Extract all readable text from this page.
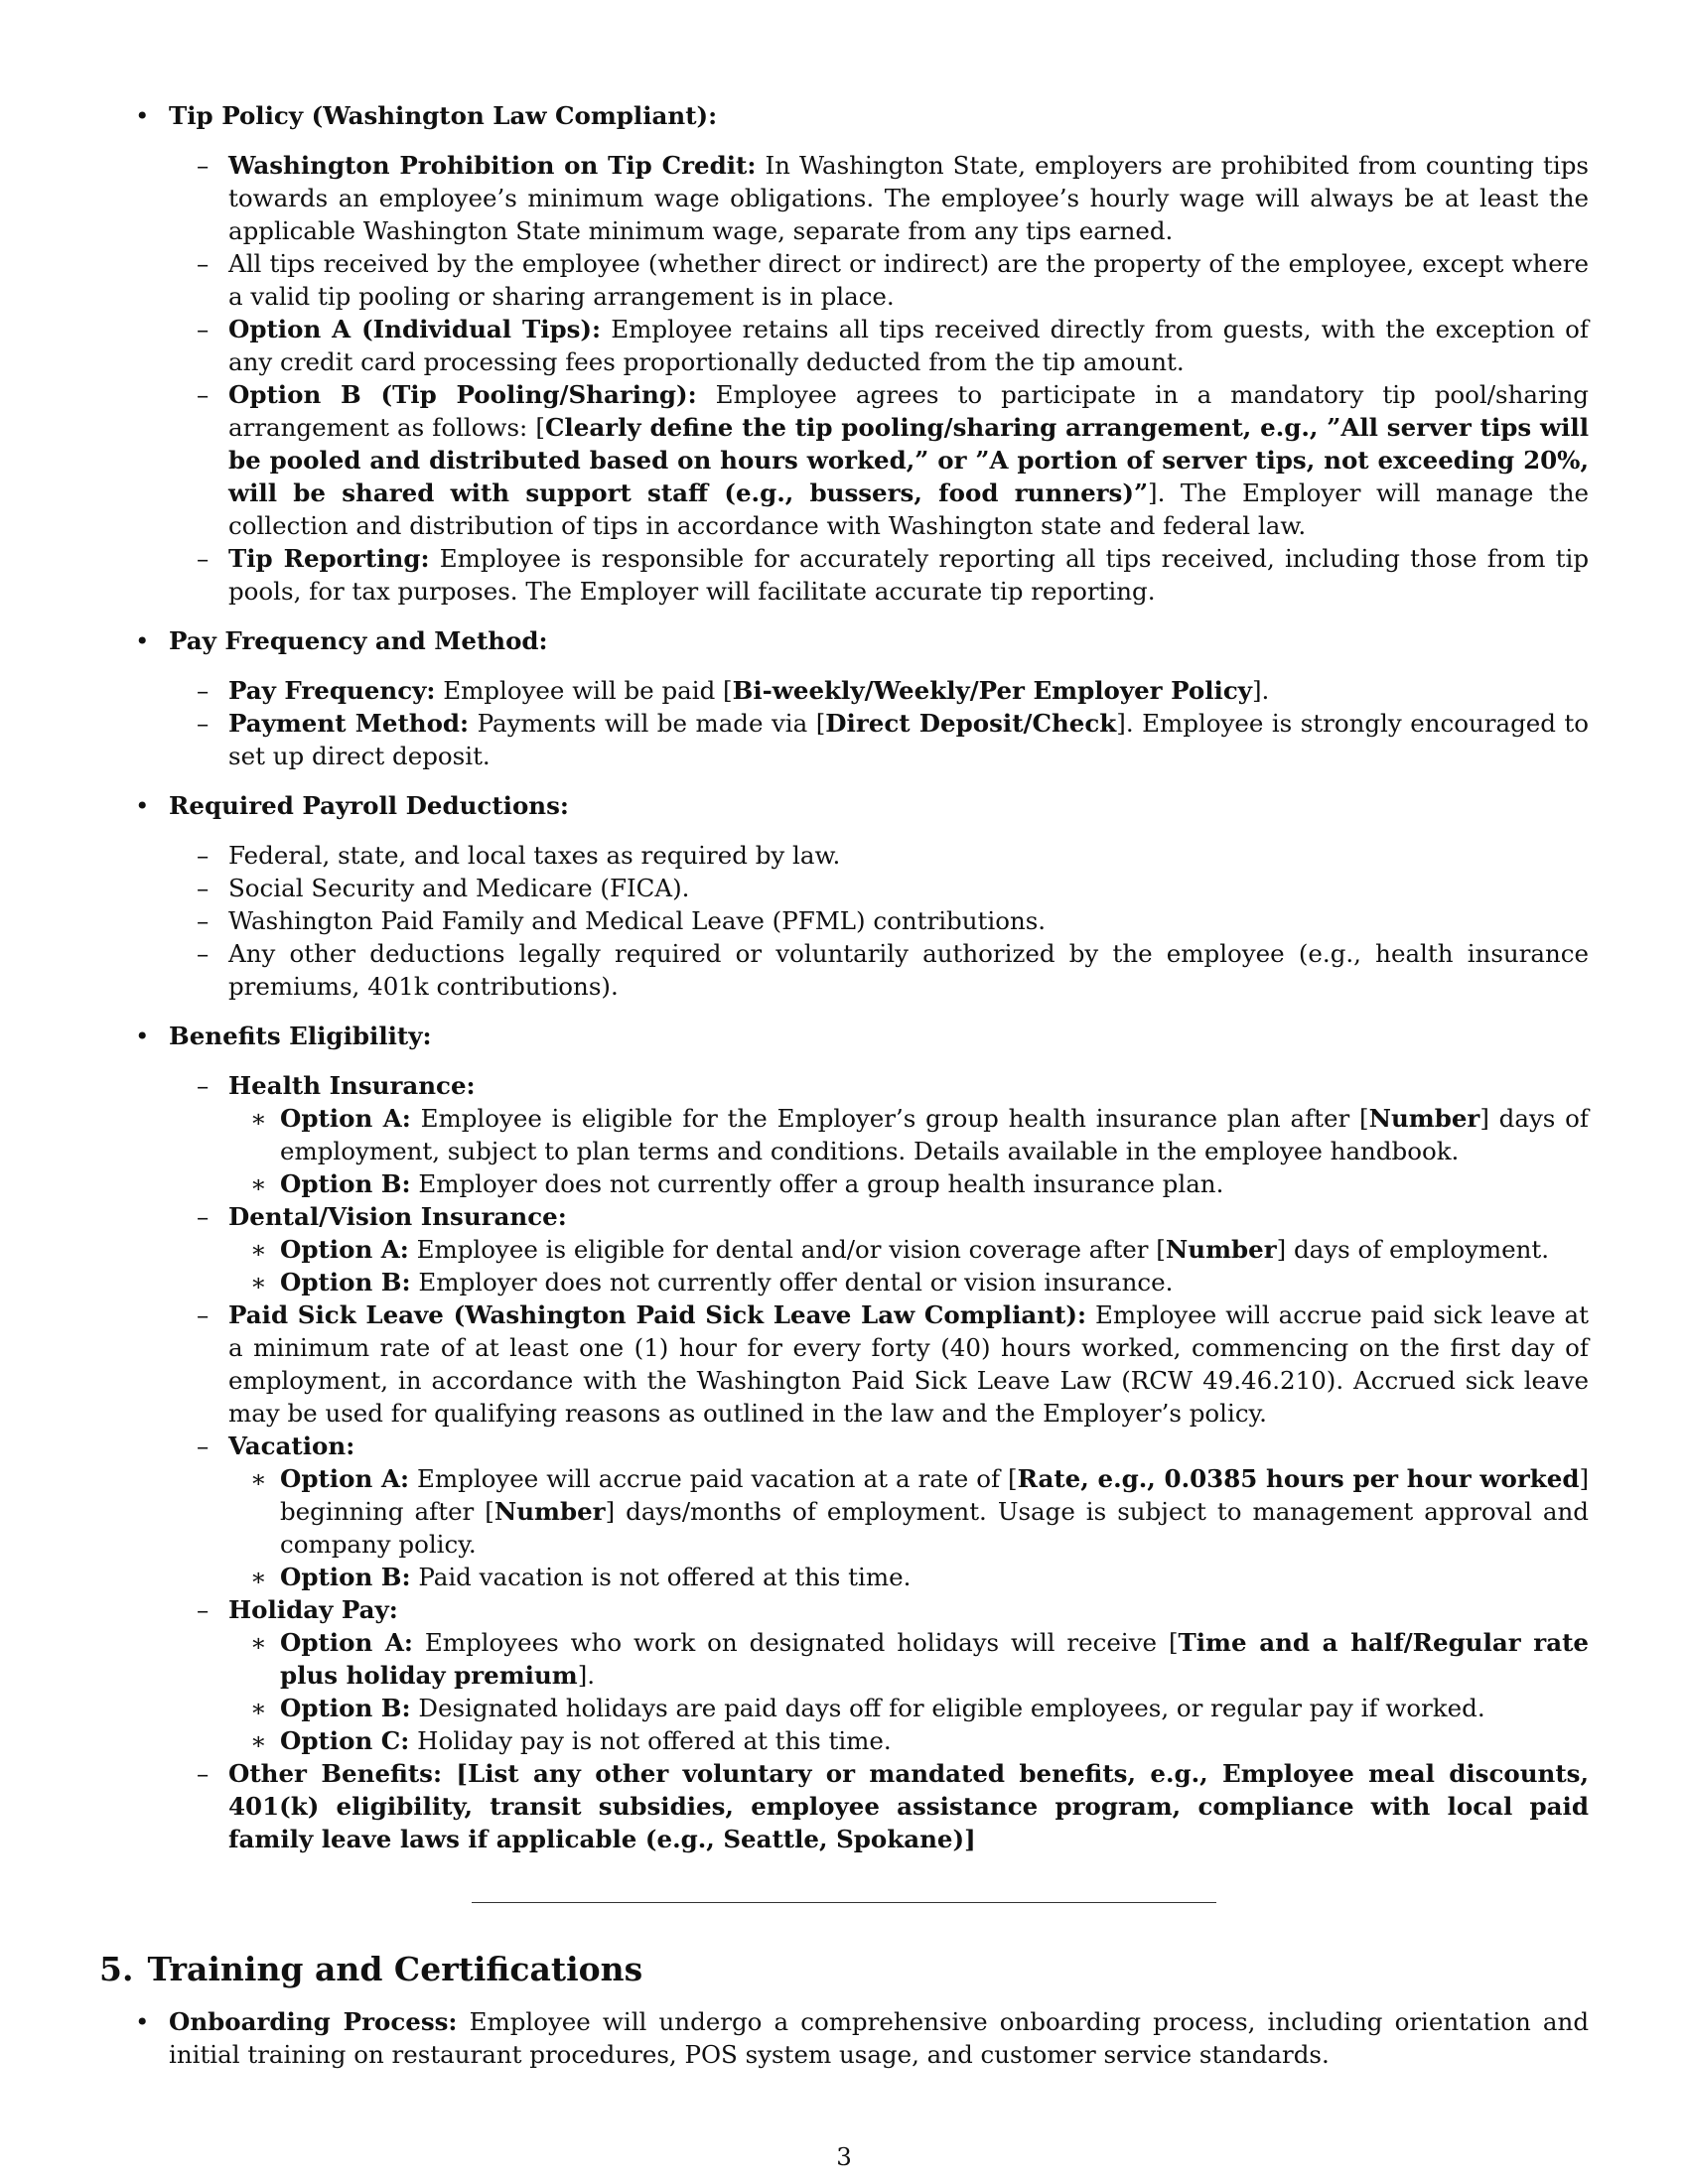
• Tip Policy (Washington Law Compliant):
– Washington Prohibition on Tip Credit: In Washington State, employers are prohibited from counting tips towards an employee’s minimum wage obligations. The employee’s hourly wage will always be at least the applicable Washington State minimum wage, separate from any tips earned.
– All tips received by the employee (whether direct or indirect) are the property of the employee, except where a valid tip pooling or sharing arrangement is in place.
– Option A (Individual Tips): Employee retains all tips received directly from guests, with the exception of any credit card processing fees proportionally deducted from the tip amount.
– Option B (Tip Pooling/Sharing): Employee agrees to participate in a mandatory tip pool/sharing arrangement as follows: [Clearly define the tip pooling/sharing arrangement, e.g., ”All server tips will be pooled and distributed based on hours worked,” or ”A portion of server tips, not exceeding 20%, will be shared with support staff (e.g., bussers, food runners)”]. The Employer will manage the collection and distribution of tips in accordance with Washington state and federal law.
– Tip Reporting: Employee is responsible for accurately reporting all tips received, including those from tip pools, for tax purposes. The Employer will facilitate accurate tip reporting.
• Pay Frequency and Method:
– Pay Frequency: Employee will be paid [Bi-weekly/Weekly/Per Employer Policy].
– Payment Method: Payments will be made via [Direct Deposit/Check]. Employee is strongly encouraged to set up direct deposit.
• Required Payroll Deductions:
– Federal, state, and local taxes as required by law.
– Social Security and Medicare (FICA).
– Washington Paid Family and Medical Leave (PFML) contributions.
– Any other deductions legally required or voluntarily authorized by the employee (e.g., health insurance premiums, 401k contributions).
• Benefits Eligibility:
– Health Insurance:
∗ Option A: Employee is eligible for the Employer’s group health insurance plan after [Number] days of employment, subject to plan terms and conditions. Details available in the employee handbook.
∗ Option B: Employer does not currently offer a group health insurance plan.
– Dental/Vision Insurance:
∗ Option A: Employee is eligible for dental and/or vision coverage after [Number] days of employment.
∗ Option B: Employer does not currently offer dental or vision insurance.
– Paid Sick Leave (Washington Paid Sick Leave Law Compliant): Employee will accrue paid sick leave at a minimum rate of at least one (1) hour for every forty (40) hours worked, commencing on the first day of employment, in accordance with the Washington Paid Sick Leave Law (RCW 49.46.210). Accrued sick leave may be used for qualifying reasons as outlined in the law and the Employer’s policy.
– Vacation:
∗ Option A: Employee will accrue paid vacation at a rate of [Rate, e.g., 0.0385 hours per hour worked] beginning after [Number] days/months of employment. Usage is subject to management approval and company policy.
∗ Option B: Paid vacation is not offered at this time.
– Holiday Pay:
∗ Option A: Employees who work on designated holidays will receive [Time and a half/Regular rate plus holiday premium].
∗ Option B: Designated holidays are paid days off for eligible employees, or regular pay if worked.
∗ Option C: Holiday pay is not offered at this time.
– Other Benefits: [List any other voluntary or mandated benefits, e.g., Employee meal discounts, 401(k) eligibility, transit subsidies, employee assistance program, compliance with local paid family leave laws if applicable (e.g., Seattle, Spokane)]
5. Training and Certifications
• Onboarding Process: Employee will undergo a comprehensive onboarding process, including orientation and initial training on restaurant procedures, POS system usage, and customer service standards.
3
